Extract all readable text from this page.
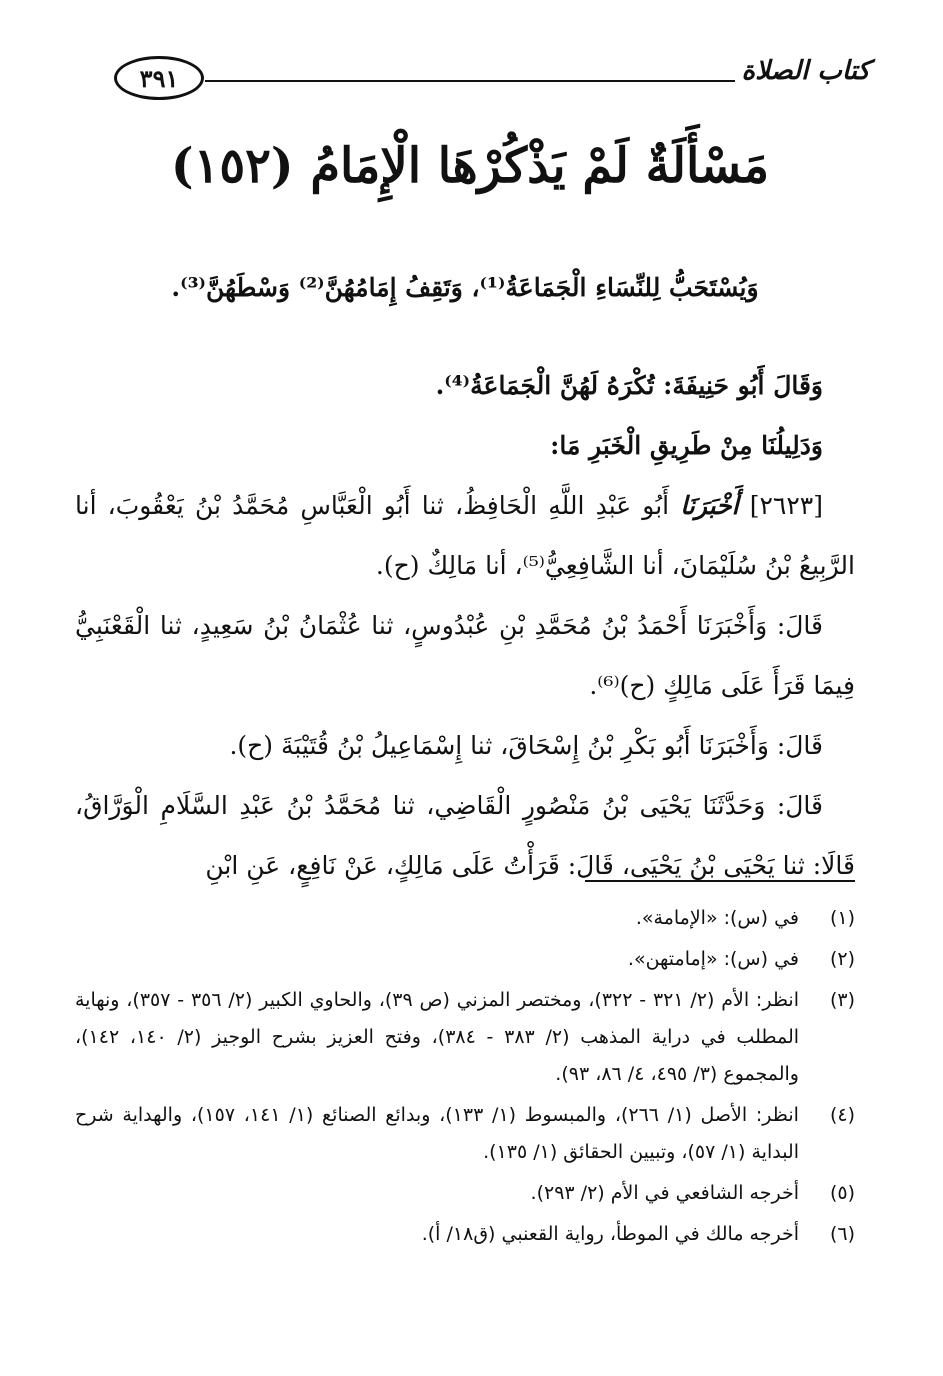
كتاب الصلاة
٣٩١
مَسْأَلَةٌ لَمْ يَذْكُرْهَا الْإِمَامُ (١٥٢)

وَيُسْتَحَبُّ لِلنِّسَاءِ الْجَمَاعَةُ⁽¹⁾، وَتَقِفُ إِمَامُهُنَّ⁽²⁾ وَسْطَهُنَّ⁽³⁾.

وَقَالَ أَبُو حَنِيفَةَ: تُكْرَهُ لَهُنَّ الْجَمَاعَةُ⁽⁴⁾.

وَدَلِيلُنَا مِنْ طَرِيقِ الْخَبَرِ مَا:

[٢٦٢٣] أَخْبَرَنَا أَبُو عَبْدِ اللَّهِ الْحَافِظُ، ثنا أَبُو الْعَبَّاسِ مُحَمَّدُ بْنُ يَعْقُوبَ، أنا الرَّبِيعُ بْنُ سُلَيْمَانَ، أنا الشَّافِعِيُّ⁽⁵⁾، أنا مَالِكٌ (ح).

قَالَ: وَأَخْبَرَنَا أَحْمَدُ بْنُ مُحَمَّدِ بْنِ عُبْدُوسٍ، ثنا عُثْمَانُ بْنُ سَعِيدٍ، ثنا الْقَعْنَبِيُّ فِيمَا قَرَأَ عَلَى مَالِكٍ (ح)⁽⁶⁾.

قَالَ: وَأَخْبَرَنَا أَبُو بَكْرِ بْنُ إِسْحَاقَ، ثنا إِسْمَاعِيلُ بْنُ قُتَيْبَةَ (ح).

قَالَ: وَحَدَّثَنَا يَحْيَى بْنُ مَنْصُورٍ الْقَاضِي، ثنا مُحَمَّدُ بْنُ عَبْدِ السَّلَامِ الْوَرَّاقُ، قَالَا: ثنا يَحْيَى بْنُ يَحْيَى، قَالَ: قَرَأْتُ عَلَى مَالِكٍ، عَنْ نَافِعٍ، عَنِ ابْنِ

(١)
في (س): «الإمامة».
(٢)
في (س): «إمامتهن».
(٣)
انظر: الأم (٢/ ٣٢١ - ٣٢٢)، ومختصر المزني (ص ٣٩)، والحاوي الكبير (٢/ ٣٥٦ - ٣٥٧)، ونهاية المطلب في دراية المذهب (٢/ ٣٨٣ - ٣٨٤)، وفتح العزيز بشرح الوجيز (٢/ ١٤٠، ١٤٢)، والمجموع (٣/ ٤٩٥، ٤/ ٨٦، ٩٣).
(٤)
انظر: الأصل (١/ ٢٦٦)، والمبسوط (١/ ١٣٣)، وبدائع الصنائع (١/ ١٤١، ١٥٧)، والهداية شرح البداية (١/ ٥٧)، وتبيين الحقائق (١/ ١٣٥).
(٥)
أخرجه الشافعي في الأم (٢/ ٢٩٣).
(٦)
أخرجه مالك في الموطأ، رواية القعنبي (ق١٨/ أ).
